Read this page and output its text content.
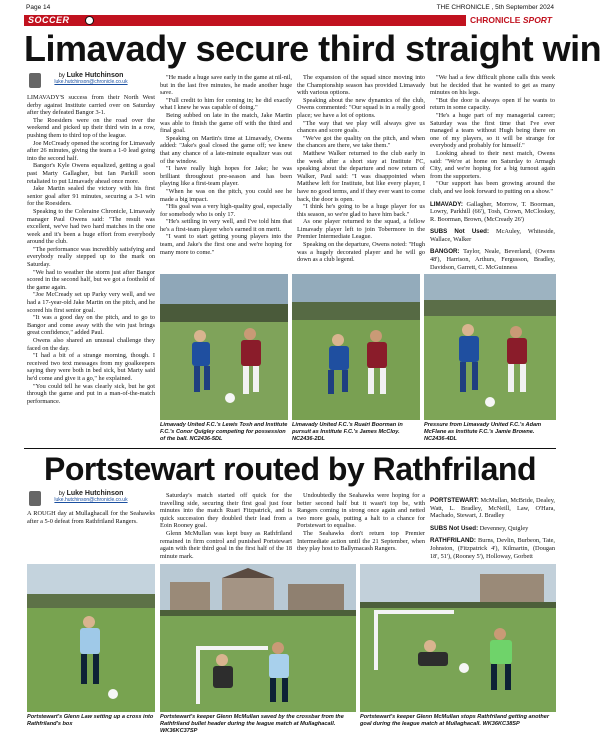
Page 14	THE CHRONICLE , 5th September 2024
SOCCER	CHRONICLE SPORT
Limavady secure third straight win
by Luke Hutchinson
luke.hutchinson@chronicle.co.uk

LIMAVADY'S success from their North West derby against Institute carried over on Saturday after they defeated Bangor 3-1.

The Roesiders were on the road over the weekend and picked up their third win in a row, pushing them to third top of the league.

Joe McCready opened the scoring for Limavady after 26 minutes, giving the team a 1-0 lead going into the second half.

Bangor's Kyle Owens equalized, getting a goal past Marty Gallagher, but Ian Parkill soon retaliated to put Limavady ahead once more.

Jake Martin sealed the victory with his first senior goal after 91 minutes, securing a 3-1 win for the Roesiders.

Speaking to the Coleraine Chronicle, Limavady manager Paul Owens said: "The result was excellent, we've had two hard matches in the one week and it's been a huge effort from everybody around the club.

"The performance was incredibly satisfying and everybody really stepped up to the mark on Saturday.

"We had to weather the storm just after Bangor scored in the second half, but we got a foothold of the game again.

"Joe McCready set up Parky very well, and we had a 17-year-old Jake Martin on the pitch, and he scored his first senior goal.

"It was a good day on the pitch, and to go to Bangor and come away with the win just brings great confidence," added Paul.

Owens also shared an unusual challenge they faced on the day.

"I had a bit of a strange morning, though. I received two text messages from my goalkeepers saying they were both in bed sick, but Marty said he'd come and give it a go," he explained.

"You could tell he was clearly sick, but he got through the game and put in a man-of-the-match performance.

"He made a huge save early in the game at nil-nil, but in the last five minutes, he made another huge save.

"Full credit to him for coming in; he did exactly what I knew he was capable of doing."

Being subbed on late in the match, Jake Martin was able to finish the game off with the third and final goal.

Speaking on Martin's time at Limavady, Owens added: "Jake's goal closed the game off; we knew that any chance of a late-minute equalizer was out of the window.

"I have really high hopes for Jake; he was brilliant throughout pre-season and has been playing like a first-team player.

"When he was on the pitch, you could see he made a big impact.

"His goal was a very high-quality goal, especially for somebody who is only 17.

"He's settling in very well, and I've told him that he's a first-team player who's earned it on merit.

"I want to start getting young players into the team, and Jake's the first one and we're hoping for many more to come."

The expansion of the squad since moving into the Championship season has provided Limavady with various options.

Speaking about the new dynamics of the club, Owens commented: "Our squad is in a really good place; we have a lot of options.

"The way that we play will always give us chances and score goals.

"We've got the quality on the pitch, and when the chances are there, we take them."

Matthew Walker returned to the club early in the week after a short stay at Institute FC, speaking about the departure and now return of Walker, Paul said: "I was disappointed when Matthew left for Institute, but like every player, I have no good terms, and if they ever want to come back, the door is open.

"I think he's going to be a huge player for us this season, so we're glad to have him back."

As one player returned to the squad, a fellow Limavady player left to join Tobermore in the Premier Intermediate League.

Speaking on the departure, Owens noted: "Hugh was a hugely decorated player and he will go down as a club legend.

"We had a few difficult phone calls this week but he decided that he wanted to get as many minutes on his legs.

"But the door is always open if he wants to return in some capacity.

"He's a huge part of my managerial career; Saturday was the first time that I've ever managed a team without Hugh being there on one of my players, so it will be strange for everybody and probably for himself."

Looking ahead to their next match, Owens said: "We're at home on Saturday to Armagh City, and we're hoping for a big turnout again from the supporters.

"Our support has been growing around the club, and we look forward to putting on a show."

LIMAVADY: Gallagher, Morrow, T. Boorman, Lowry, Parkhill (66'), Tosh, Crown, McCloskey, R. Boorman, Brown, (McCready 26')

SUBS Not Used: McAuley, Whiteside, Wallace, Walker

BANGOR: Taylor, Neale, Beverland, (Owens 48'), Harrison, Arthurs, Fergusson, Bradley, Davidson, Garrett, C. McGuinness

Limavady United F.C.'s Lewis Tosh and Institute F.C.'s Conor Quigley competing for possession of the ball. NC2436-5DL
Limavady United F.C.'s Ruairi Boorman in pursuit as Institute F.C.'s James McCloy. NC2436-2DL
Pressure from Limavady United F.C.'s Adam McFlane as Institute F.C.'s Jamie Browne. NC2436-4DL
Portstewart routed by Rathfriland
by Luke Hutchinson
luke.hutchinson@chronicle.co.uk

A ROUGH day at Mullaghacall for the Seahawks after a 5-0 defeat from Rathfriland Rangers.

Saturday's match started off quick for the travelling side, securing their first goal just four minutes into the match Ruari Fitzpatrick, and is quick succession they doubled their lead from a Eoin Rooney goal.

Glenn McMullan was kept busy as Rathfriland remained in firm control and punished Portstewart again with their third goal in the first half of the 18 minute mark.

Undoubtedly the Seahawks were hoping for a better second half but it wasn't top be, with Rangers coming in strong once again and netted two more goals, putting a halt to a chance for Portstewart to equalise.

The Seahawks don't return top Premier Intermediate action until the 21 September, when they play host to Ballymacash Rangers.

PORTSTEWART: McMullan, McBride, Dealey, Watt, L. Bradley, McNeill, Law, O'Hara, Machado, Stewart, J. Bradley

SUBS Not Used: Devenney, Quigley

RATHFRILAND: Burns, Devlin, Burbeon, Tate, Johnston, (Fitzpatrick 4'), Kilmartin, (Dougan 18', 51'), (Rooney 5'), Holloway, Gorbett

Portstewart's Glenn Law setting up a cross into Rathfriland's box
Portstewart's keeper Glenn McMullan saved by the crossbar from the Rathfriland bullet header during the league match at Mullaghacall. WK36KC37SP
Portstewart's keeper Glenn McMullan stops Rathfriland getting another goal during the league match at Mullaghacall. WK36KC38SP
